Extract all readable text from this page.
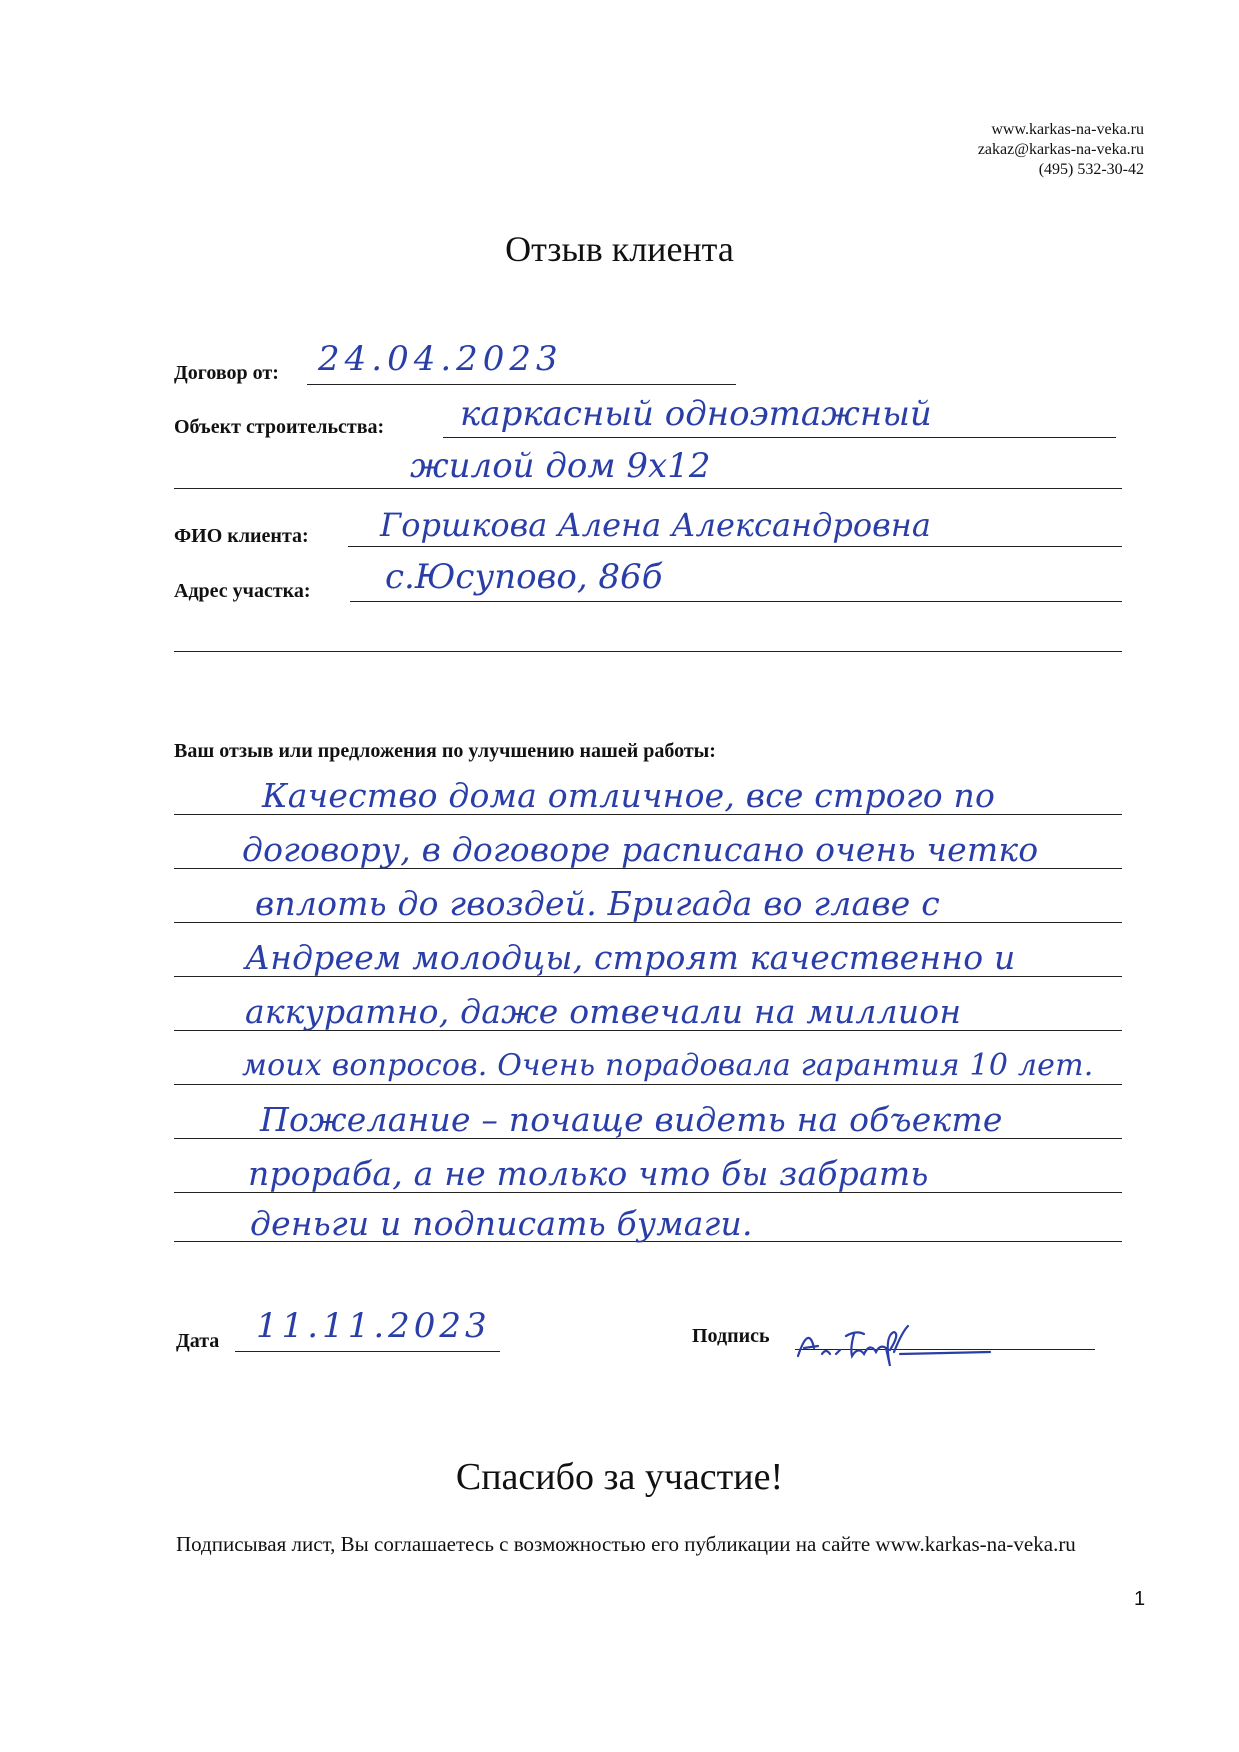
www.karkas-na-veka.ru
zakaz@karkas-na-veka.ru
(495) 532-30-42
Отзыв клиента
Договор от: 24.04.2023
Объект строительства: каркасный одноэтажный
жилой дом 9х12
ФИО клиента: Горшкова Алена Александровна
Адрес участка: с.Юсупово, 86б
Ваш отзыв или предложения по улучшению нашей работы:
Качество дома отличное, все строго по
договору, в договоре расписано очень четко
вплоть до гвоздей. Бригада во главе с
Андреем молодцы, строят качественно и
аккуратно, даже отвечали на миллион
моих вопросов. Очень порадовала гарантия 10 лет.
Пожелание – почаще видеть на объекте
прораба, а не только что бы забрать
деньги и подписать бумаги.
Дата 11.11.2023	Подпись
Спасибо за участие!
Подписывая лист, Вы соглашаетесь с возможностью его публикации на сайте www.karkas-na-veka.ru
1
